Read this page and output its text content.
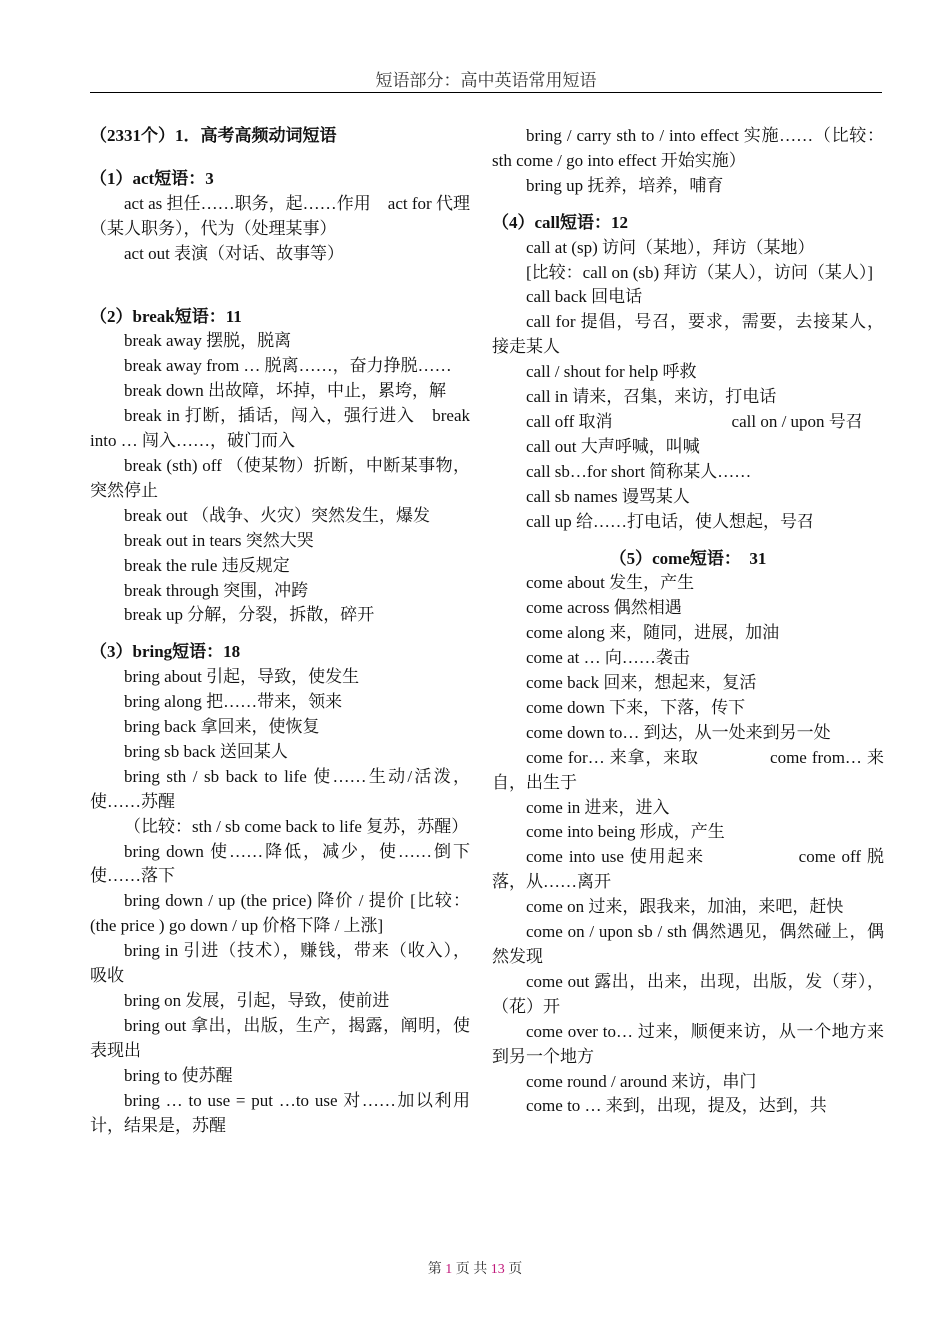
短语部分：高中英语常用短语
（2331个）1．高考高频动词短语
（1）act短语：3
act as 担任……职务，起……作用　act for 代理（某人职务），代为（处理某事）
act out 表演（对话、故事等）
（2）break短语：11
break away 摆脱，脱离
break away from … 脱离……，奋力挣脱……
break down 出故障，坏掉，中止，累垮，解
break in 打断，插话，闯入，强行进入　break into … 闯入……，破门而入
break (sth) off （使某物）折断，中断某事物，突然停止
break out （战争、火灾）突然发生，爆发
break out in tears 突然大哭
break the rule 违反规定
break through 突围，冲跨
break up 分解，分裂，拆散，碎开
（3）bring短语：18
bring about 引起，导致，使发生
bring along 把……带来，领来
bring back 拿回来，使恢复
bring sb back 送回某人
bring sth / sb back to life 使……生动/活泼，使……苏醒
（比较：sth / sb come back to life 复苏，苏醒）
bring down 使……降低，减少，使……倒下使……落下
bring down / up (the price) 降价 / 提价 [比较：(the price ) go down / up 价格下降 / 上涨]
bring in 引进（技术），赚钱，带来（收入），吸收
bring on 发展，引起，导致，使前进
bring out 拿出，出版，生产，揭露，阐明，使表现出
bring to 使苏醒
bring … to use = put …to use 对……加以利用计，结果是，苏醒
bring / carry sth to / into effect 实施……（比较：sth come / go into effect 开始实施）
bring up 抚养，培养，哺育
（4）call短语：12
call at (sp) 访问（某地），拜访（某地）
[比较：call on (sb) 拜访（某人），访问（某人）]
call back 回电话
call for 提倡，号召，要求，需要，去接某人，接走某人
call / shout for help 呼救
call in 请来，召集，来访，打电话
call off 取消　　　　　　　call on / upon 号召
call out 大声呼喊，叫喊
call sb…for short 简称某人……
call sb names 谩骂某人
call up 给……打电话，使人想起，号召
（5）come短语：　31
come about 发生，产生
come across 偶然相遇
come along 来，随同，进展，加油
come at … 向……袭击
come back 回来，想起来，复活
come down 下来，下落，传下
come down to… 到达，从一处来到另一处
come for… 来拿，来取　　　　come from… 来自，出生于
come in 进来，进入
come into being 形成，产生
come into use 使用起来　　　　　come off 脱落，从……离开
come on 过来，跟我来，加油，来吧，赶快
come on / upon sb / sth 偶然遇见，偶然碰上，偶然发现
come out 露出，出来，出现，出版，发（芽），（花）开
come over to… 过来，顺便来访，从一个地方来到另一个地方
come round / around 来访，串门
come to … 来到，出现，提及，达到，共
第 1 页 共 13 页
